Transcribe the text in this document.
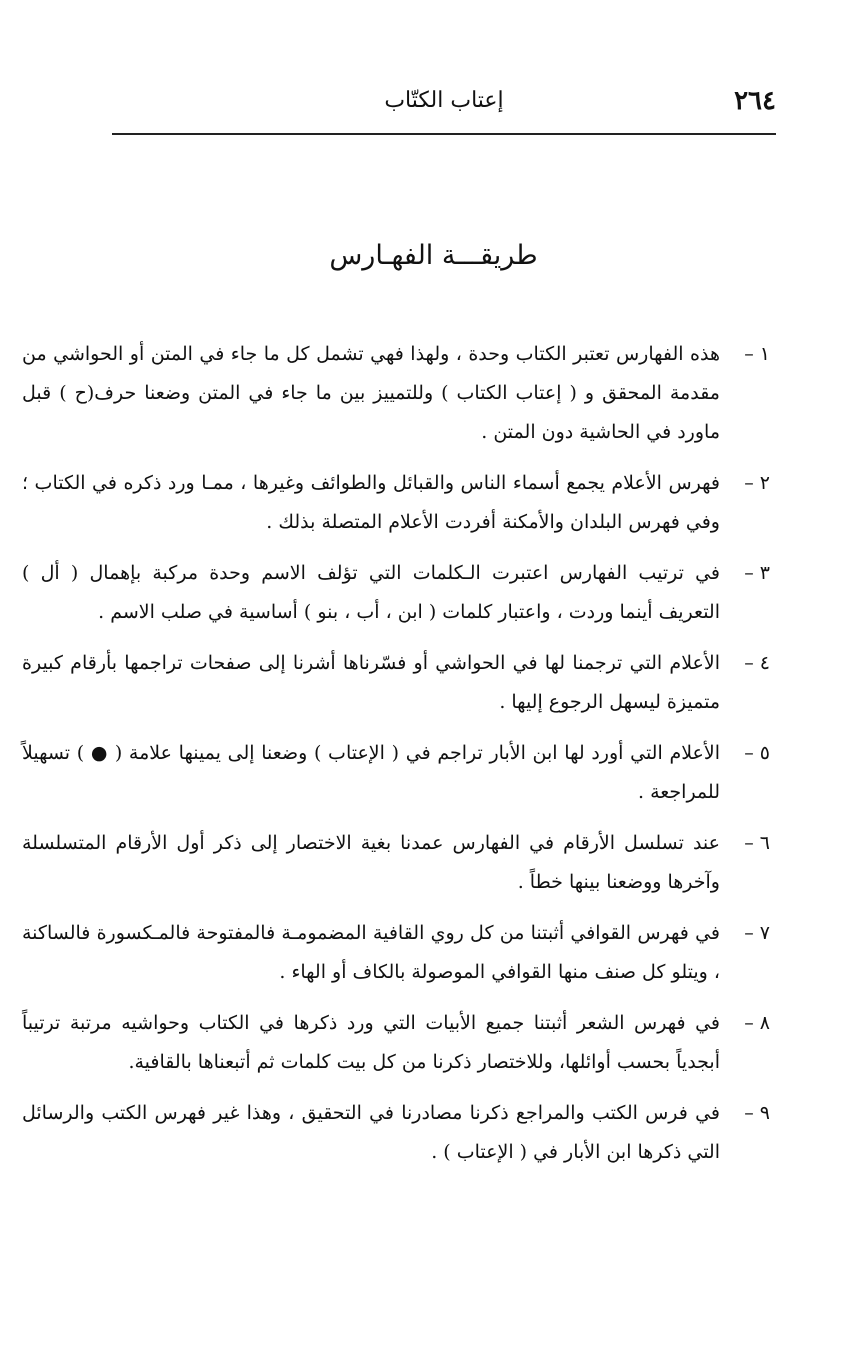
٢٦٤
إعتاب الكتّاب
طريقـــة الفهـارس
١ –
هذه الفهارس تعتبر الكتاب وحدة ، ولهذا فهي تشمل كل ما جاء في المتن أو الحواشي من مقدمة المحقق و ( إعتاب الكتاب ) وللتمييز بين ما جاء في المتن وضعنا حرف(ح ) قبل ماورد في الحاشية دون المتن .
٢ –
فهرس الأعلام يجمع أسماء الناس والقبائل والطوائف وغيرها ، ممـا ورد ذكره في الكتاب ؛ وفي فهرس البلدان والأمكنة أفردت الأعلام المتصلة بذلك .
٣ –
في ترتيب الفهارس اعتبرت الـكلمات التي تؤلف الاسم وحدة مركبة بإهمال ( أل ) التعريف أينما وردت ، واعتبار كلمات ( ابن ، أب ، بنو ) أساسية في صلب الاسم .
٤ –
الأعلام التي ترجمنا لها في الحواشي أو فسّرناها أشرنا إلى صفحات تراجمها بأرقام كبيرة متميزة ليسهل الرجوع إليها .
٥ –
الأعلام التي أورد لها ابن الأبار تراجم في ( الإعتاب ) وضعنا إلى يمينها علامة ( ● ) تسهيلاً للمراجعة .
٦ –
عند تسلسل الأرقام في الفهارس عمدنا بغية الاختصار إلى ذكر أول الأرقام المتسلسلة وآخرها ووضعنا بينها خطاً .
٧ –
في فهرس القوافي أثبتنا من كل روي القافية المضمومـة فالمفتوحة فالمـكسورة فالساكنة ، ويتلو كل صنف منها القوافي الموصولة بالكاف أو الهاء .
٨ –
في فهرس الشعر أثبتنا جميع الأبيات التي ورد ذكرها في الكتاب وحواشيه مرتبة ترتيباً أبجدياً بحسب أوائلها، وللاختصار ذكرنا من كل بيت كلمات ثم أتبعناها بالقافية.
٩ –
في فرس الكتب والمراجع ذكرنا مصادرنا في التحقيق ، وهذا غير فهرس الكتب والرسائل التي ذكرها ابن الأبار في ( الإعتاب ) .
